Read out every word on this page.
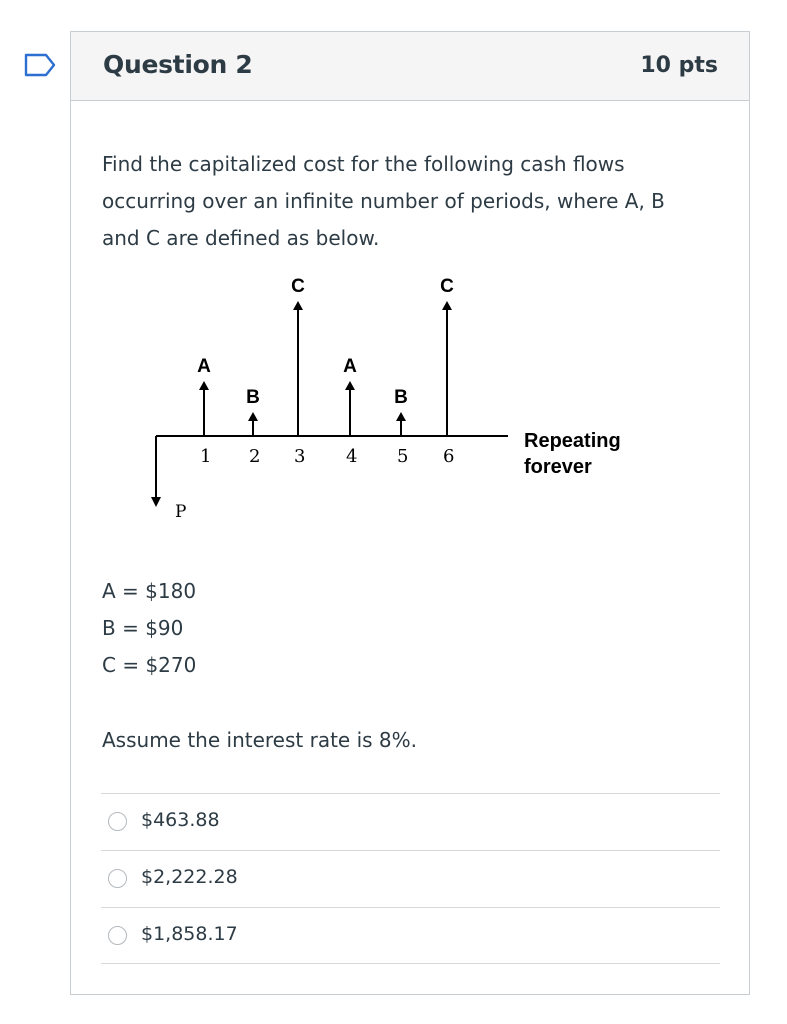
Question 2	10 pts
Find the capitalized cost for the following cash flows occurring over an infinite number of periods, where A, B and C are defined as below.
P
A
B
C
A
B
C
1 2 3 4 5 6
Repeating
forever
A = $180
B = $90
C = $270
Assume the interest rate is 8%.
$463.88
$2,222.28
$1,858.17
